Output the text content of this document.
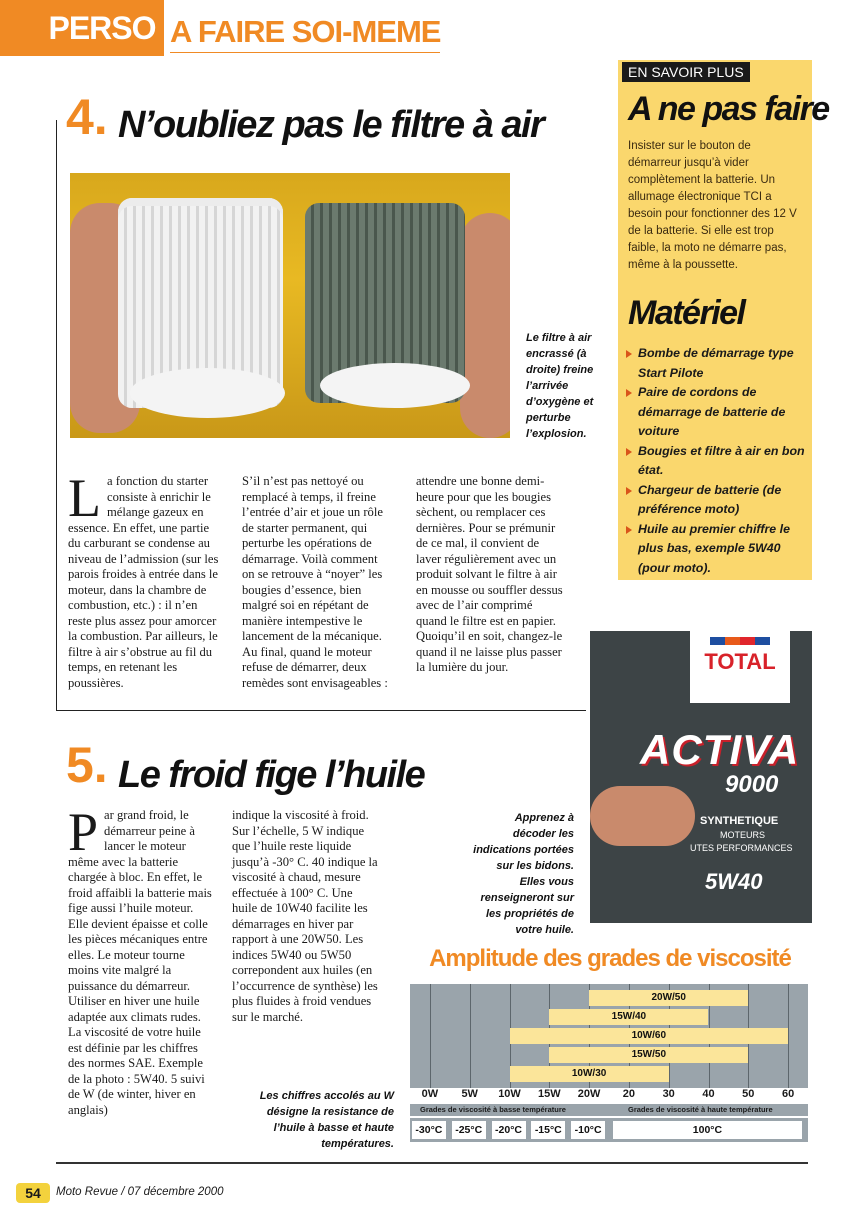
PERSO A FAIRE SOI-MEME
4. N’oubliez pas le filtre à air
Le filtre à air encrassé (à droite) freine l’arrivée d’oxygène et perturbe l’explosion.
La fonction du starter consiste à enrichir le mélange gazeux en essence. En effet, une partie du carburant se condense au niveau de l’admission (sur les parois froides à entrée dans le moteur, dans la chambre de combustion, etc.) : il n’en reste plus assez pour amorcer la combustion. Par ailleurs, le filtre à air s’obstrue au fil du temps, en retenant les poussières.
S’il n’est pas nettoyé ou remplacé à temps, il freine l’entrée d’air et joue un rôle de starter permanent, qui perturbe les opérations de démarrage. Voilà comment on se retrouve à “noyer” les bougies d’essence, bien malgré soi en répétant de manière intempestive le lancement de la mécanique. Au final, quand le moteur refuse de démarrer, deux remèdes sont envisageables :
attendre une bonne demi-heure pour que les bougies sèchent, ou remplacer ces dernières. Pour se prémunir de ce mal, il convient de laver régulièrement avec un produit solvant le filtre à air en mousse ou souffler dessus avec de l’air comprimé quand le filtre est en papier. Quoiqu’il en soit, changez-le quand il ne laisse plus passer la lumière du jour.
EN SAVOIR PLUS
A ne pas faire
Insister sur le bouton de démarreur jusqu’à vider complètement la batterie. Un allumage électronique TCI a besoin pour fonctionner des 12 V de la batterie. Si elle est trop faible, la moto ne démarre pas, même à la poussette.
Matériel
Bombe de démarrage type Start Pilote
Paire de cordons de démarrage de batterie de voiture
Bougies et filtre à air en bon état.
Chargeur de batterie (de préférence moto)
Huile au premier chiffre le plus bas, exemple 5W40 (pour moto).
TOTAL
ACTIVA
9000
SYNTHETIQUE
MOTEURS
UTES PERFORMANCES
5W40
5. Le froid fige l’huile
Par grand froid, le démarreur peine à lancer le moteur même avec la batterie chargée à bloc. En effet, le froid affaibli la batterie mais fige aussi l’huile moteur. Elle devient épaisse et colle les pièces mécaniques entre elles. Le moteur tourne moins vite malgré la puissance du démarreur. Utiliser en hiver une huile adaptée aux climats rudes. La viscosité de votre huile est définie par les chiffres des normes SAE. Exemple de la photo : 5W40. 5 suivi de W (de winter, hiver en anglais)
indique la viscosité à froid. Sur l’échelle, 5 W indique que l’huile reste liquide jusqu’à -30° C. 40 indique la viscosité à chaud, mesure effectuée à 100° C. Une huile de 10W40 facilite les démarrages en hiver par rapport à une 20W50. Les indices 5W40 ou 5W50 correpondent aux huiles (en l’occurrence de synthèse) les plus fluides à froid vendues sur le marché.
Apprenez à décoder les indications portées sur les bidons. Elles vous renseigneront sur les propriétés de votre huile.
Les chiffres accolés au W désigne la resistance de l’huile à basse et haute températures.
Amplitude des grades de viscosité
20W/50
15W/40
10W/60
15W/50
10W/30
0W	5W	10W	15W	20W	20	30	40	50	60
Grades de viscosité à basse température	Grades de viscosité à haute température
-30°C	-25°C	-20°C	-15°C	-10°C	100°C
54	Moto Revue / 07 décembre 2000
